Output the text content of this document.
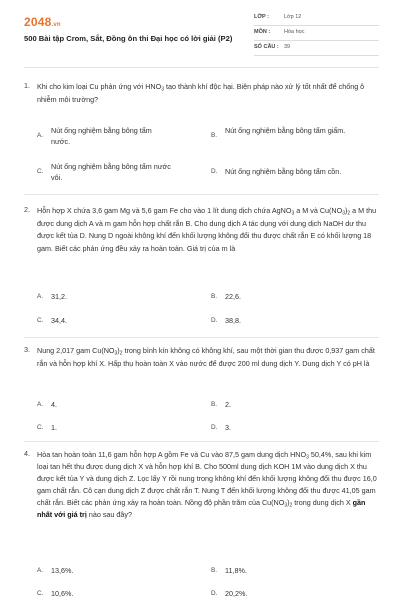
2048.vn
500 Bài tập Crom, Sắt, Đồng ôn thi Đại học có lời giải (P2)
LỚP :	Lớp 12
MÔN :	Hóa học
SỐ CÂU : 39
1. Khi cho kim loại Cu phản ứng với $HNO_3$ tạo thành khí độc hại. Biện pháp nào xử lý tốt nhất để chống ô nhiễm môi trường?
A.
Nút ống nghiệm bằng bông tẩm nước.
B.
Nút ống nghiệm bằng bông tẩm giấm.
C.
Nút ống nghiệm bằng bông tẩm nước vôi.
D. Nút ống nghiệm bằng bông tẩm cồn.
2. Hỗn hợp X chứa 3,6 gam Mg và 5,6 gam Fe cho vào 1 lít dung dịch chứa AgNO$_3$ a M và $Cu(NO_3)_2$ a M thu được dung dịch A và m gam hỗn hợp chất rắn B. Cho dung dịch A tác dụng với dung dịch NaOH dư thu được kết tủa D. Nung D ngoài không khí đến khối lượng không đổi thu được chất rắn E có khối lượng 18 gam. Biết các phản ứng đều xảy ra hoàn toàn. Giá trị của m là
A. 31,2.	B. 22,6.
C. 34,4.	D. 38,8.
3. Nung 2,017 gam $Cu(NO_3)_2$ trong bình kín không có không khí, sau một thời gian thu được 0,937 gam chất rắn và hỗn hợp khí X. Hấp thụ hoàn toàn X vào nước để được 200 ml dung dịch Y. Dung dịch Y có pH là
A. 4.	B. 2.
C. 1.	D. 3.
4. Hòa tan hoàn toàn 11,6 gam hỗn hợp A gồm Fe và Cu vào 87,5 gam dung dịch $HNO_3$ 50,4%, sau khi kim loại tan hết thu được dung dịch X và hỗn hợp khí B. Cho 500ml dung dịch KOH 1M vào dung dịch X thu được kết tủa Y và dung dịch Z. Lọc lấy Y rồi nung trong không khí đến khối lượng không đổi thu được 16,0 gam chất rắn. Cô cạn dung dịch Z được chất rắn T. Nung T đến khối lượng không đổi thu được 41,05 gam chất rắn. Biết các phản ứng xảy ra hoàn toàn. Nồng độ phần trăm của $Cu(NO_3)_2$ trong dung dịch X gần nhất với giá trị nào sau đây?
A. 13,6%.	B. 11,8%.
C. 10,6%.	D. 20,2%.
